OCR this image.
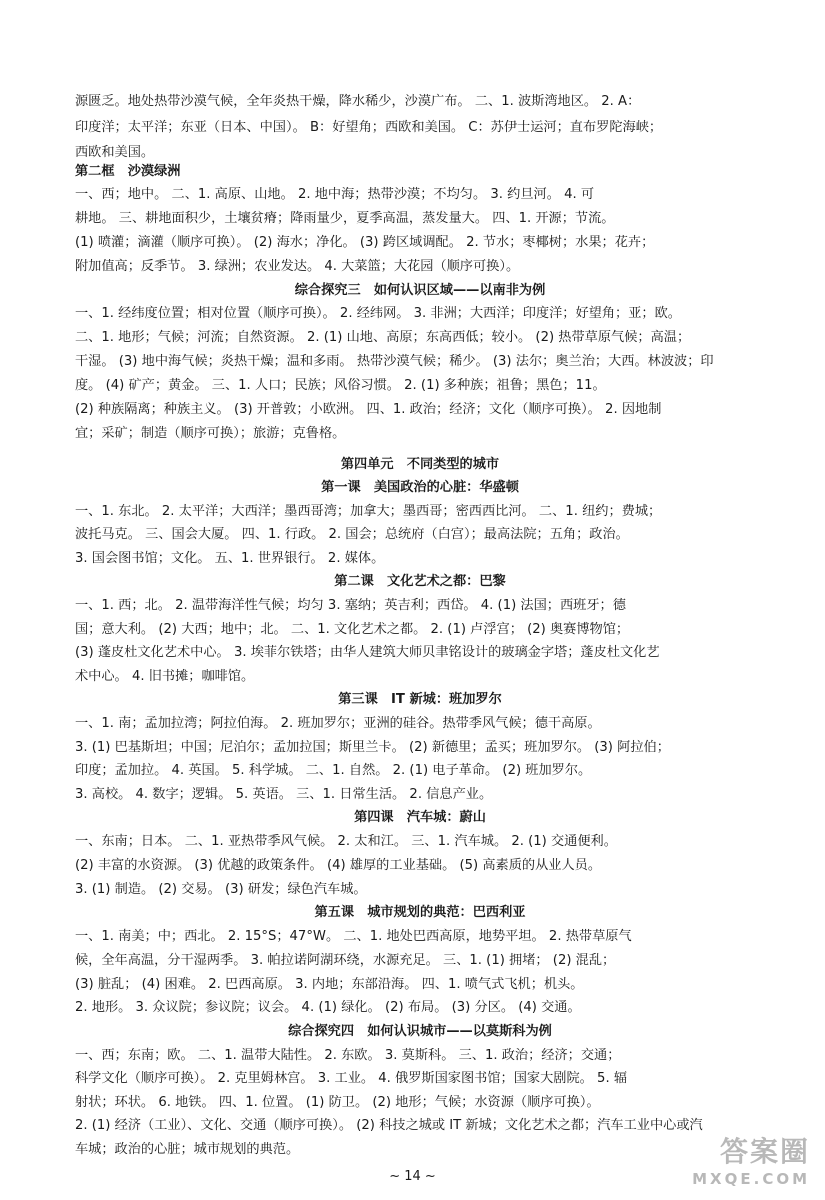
源匮乏。地处热带沙漠气候，全年炎热干燥，降水稀少，沙漠广布。 二、1. 波斯湾地区。 2. A：
印度洋；太平洋；东亚（日本、中国）。 B：好望角；西欧和美国。 C：苏伊士运河；直布罗陀海峡；
西欧和美国。
第二框　沙漠绿洲
一、西；地中。 二、1. 高原、山地。 2. 地中海；热带沙漠；不均匀。 3. 约旦河。 4. 可
耕地。 三、耕地面积少，土壤贫瘠；降雨量少，夏季高温，蒸发量大。 四、1. 开源；节流。
(1) 喷灌；滴灌（顺序可换）。 (2) 海水；净化。 (3) 跨区域调配。 2. 节水；枣椰树；水果；花卉；
附加值高；反季节。 3. 绿洲；农业发达。 4. 大菜篮；大花园（顺序可换）。
综合探究三　如何认识区域——以南非为例
一、1. 经纬度位置；相对位置（顺序可换）。 2. 经纬网。 3. 非洲；大西洋；印度洋；好望角；亚；欧。
二、1. 地形；气候；河流；自然资源。 2. (1) 山地、高原；东高西低；较小。 (2) 热带草原气候；高温；
干湿。 (3) 地中海气候；炎热干燥；温和多雨。 热带沙漠气候；稀少。 (3) 法尔；奥兰治；大西。林波波；印
度。 (4) 矿产；黄金。 三、1. 人口；民族；风俗习惯。 2. (1) 多种族；祖鲁；黑色；11。
(2) 种族隔离；种族主义。 (3) 开普敦；小欧洲。 四、1. 政治；经济；文化（顺序可换）。 2. 因地制
宜；采矿；制造（顺序可换）；旅游；克鲁格。
第四单元　不同类型的城市
第一课　美国政治的心脏：华盛顿
一、1. 东北。 2. 太平洋；大西洋；墨西哥湾；加拿大；墨西哥；密西西比河。 二、1. 纽约；费城；
波托马克。 三、国会大厦。 四、1. 行政。 2. 国会；总统府（白宫）；最高法院；五角；政治。
3. 国会图书馆；文化。 五、1. 世界银行。 2. 媒体。
第二课　文化艺术之都：巴黎
一、1. 西；北。 2. 温带海洋性气候；均匀 3. 塞纳；英吉利；西岱。 4. (1) 法国；西班牙；德
国；意大利。 (2) 大西；地中；北。 二、1. 文化艺术之都。 2. (1) 卢浮宫； (2) 奥赛博物馆；
(3) 蓬皮杜文化艺术中心。 3. 埃菲尔铁塔；由华人建筑大师贝聿铭设计的玻璃金字塔；蓬皮杜文化艺
术中心。 4. 旧书摊；咖啡馆。
第三课　IT 新城：班加罗尔
一、1. 南；孟加拉湾；阿拉伯海。 2. 班加罗尔；亚洲的硅谷。热带季风气候；德干高原。
3. (1) 巴基斯坦；中国；尼泊尔；孟加拉国；斯里兰卡。 (2) 新德里；孟买；班加罗尔。 (3) 阿拉伯；
印度；孟加拉。 4. 英国。 5. 科学城。 二、1. 自然。 2. (1) 电子革命。 (2) 班加罗尔。
3. 高校。 4. 数字；逻辑。 5. 英语。 三、1. 日常生活。 2. 信息产业。
第四课　汽车城：蔚山
一、东南；日本。 二、1. 亚热带季风气候。 2. 太和江。 三、1. 汽车城。 2. (1) 交通便利。
(2) 丰富的水资源。 (3) 优越的政策条件。 (4) 雄厚的工业基础。 (5) 高素质的从业人员。
3. (1) 制造。 (2) 交易。 (3) 研发；绿色汽车城。
第五课　城市规划的典范：巴西利亚
一、1. 南美；中；西北。 2. 15°S；47°W。 二、1. 地处巴西高原，地势平坦。 2. 热带草原气
候，全年高温，分干湿两季。 3. 帕拉诺阿湖环绕，水源充足。 三、1. (1) 拥堵； (2) 混乱；
(3) 脏乱； (4) 困难。 2. 巴西高原。 3. 内地；东部沿海。 四、1. 喷气式飞机；机头。
2. 地形。 3. 众议院；参议院；议会。 4. (1) 绿化。 (2) 布局。 (3) 分区。 (4) 交通。
综合探究四　如何认识城市——以莫斯科为例
一、西；东南；欧。 二、1. 温带大陆性。 2. 东欧。 3. 莫斯科。 三、1. 政治；经济；交通；
科学文化（顺序可换）。 2. 克里姆林宫。 3. 工业。 4. 俄罗斯国家图书馆；国家大剧院。 5. 辐
射状；环状。 6. 地铁。 四、1. 位置。 (1) 防卫。 (2) 地形；气候；水资源（顺序可换）。
2. (1) 经济（工业）、文化、交通（顺序可换）。 (2) 科技之城或 IT 新城；文化艺术之都；汽车工业中心或汽
车城；政治的心脏；城市规划的典范。
~ 14 ~
答案圈
MXQE.COM
